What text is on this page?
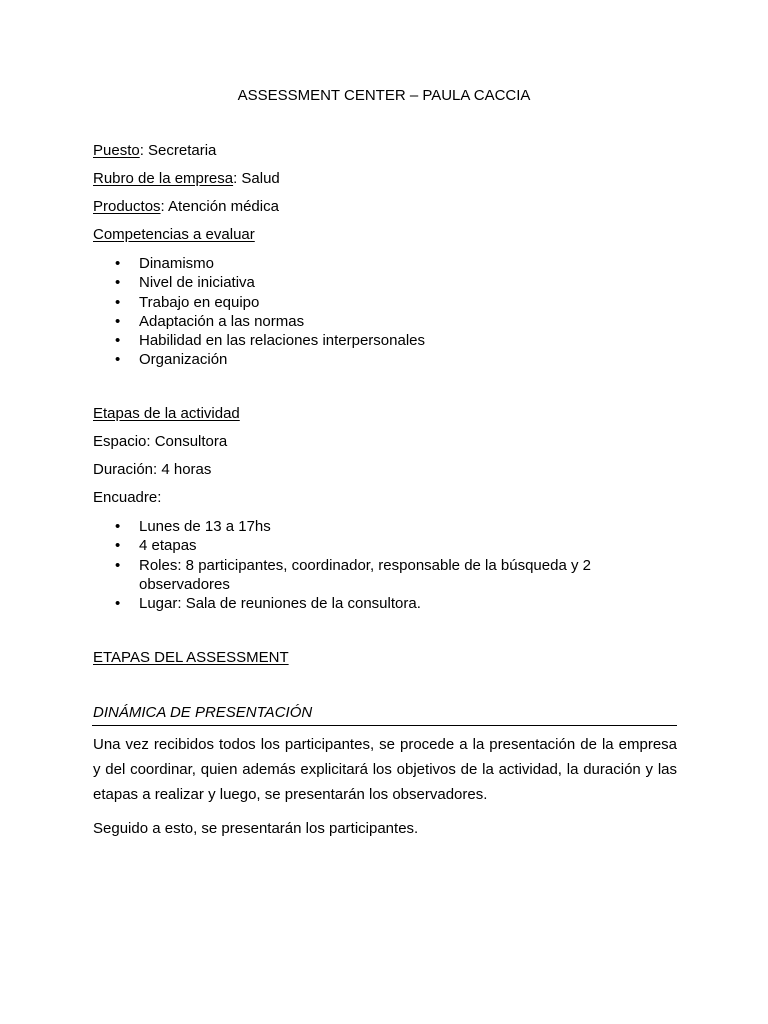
ASSESSMENT CENTER – PAULA CACCIA
Puesto: Secretaria
Rubro de la empresa: Salud
Productos: Atención médica
Competencias a evaluar
• Dinamismo
• Nivel de iniciativa
• Trabajo en equipo
• Adaptación a las normas
• Habilidad en las relaciones interpersonales
• Organización
Etapas de la actividad
Espacio: Consultora
Duración: 4 horas
Encuadre:
• Lunes de 13 a 17hs
• 4 etapas
• Roles: 8 participantes, coordinador, responsable de la búsqueda y 2
observadores
• Lugar: Sala de reuniones de la consultora.
ETAPAS DEL ASSESSMENT
DINÁMICA DE PRESENTACIÓN
Una vez recibidos todos los participantes, se procede a la presentación de la empresa y del coordinar, quien además explicitará los objetivos de la actividad, la duración y las etapas a realizar y luego, se presentarán los observadores.
Seguido a esto, se presentarán los participantes.
